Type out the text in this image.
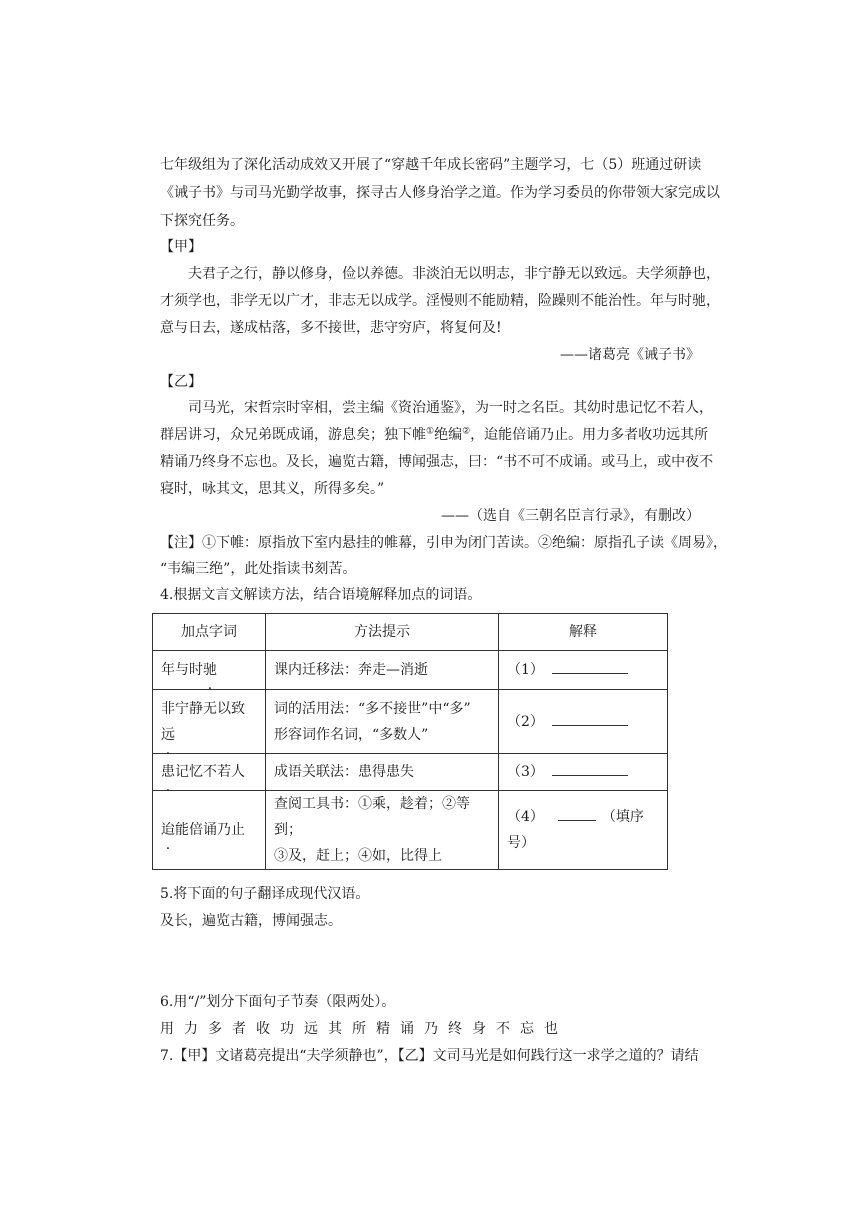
七年级组为了深化活动成效又开展了“穿越千年成长密码”主题学习，七（5）班通过研读
《诫子书》与司马光勤学故事，探寻古人修身治学之道。作为学习委员的你带领大家完成以
下探究任务。
【甲】
夫君子之行，静以修身，俭以养德。非淡泊无以明志，非宁静无以致远。夫学须静也，
才须学也，非学无以广才，非志无以成学。淫慢则不能励精，险躁则不能治性。年与时驰，
意与日去，遂成枯落，多不接世，悲守穷庐，将复何及!
——诸葛亮《诫子书》
【乙】
司马光，宋哲宗时宰相，尝主编《资治通鉴》，为一时之名臣。其幼时患记忆不若人，
群居讲习，众兄弟既成诵，游息矣；独下帷①绝编②，迨能倍诵乃止。用力多者收功远其所
精诵乃终身不忘也。及长，遍览古籍，博闻强志，曰：“书不可不成诵。或马上，或中夜不
寝时，咏其文，思其义，所得多矣。”
——（选自《三朝名臣言行录》，有删改）
【注】①下帷：原指放下室内悬挂的帷幕，引申为闭门苦读。②绝编：原指孔子读《周易》，
“韦编三绝”，此处指读书刻苦。
4.根据文言文解读方法，结合语境解释加点的词语。
加点字词	方法提示	解释
年与时驰	课内迁移法：奔走—消逝	（1）
非宁静无以致远	词的活用法：“多不接世”中“多”
形容词作名词，“多数人”	（2）
患记忆不若人	成语关联法：患得患失	（3）
迨能倍诵乃止	查阅工具书：①乘，趁着；②等到；
③及，赶上；④如，比得上	（4） （填序号）
5.将下面的句子翻译成现代汉语。
及长，遍览古籍，博闻强志。
6.用“/”划分下面句子节奏（限两处）。
用力多者收功远其所精诵乃终身不忘也
7.【甲】文诸葛亮提出“夫学须静也”，【乙】文司马光是如何践行这一求学之道的？请结
